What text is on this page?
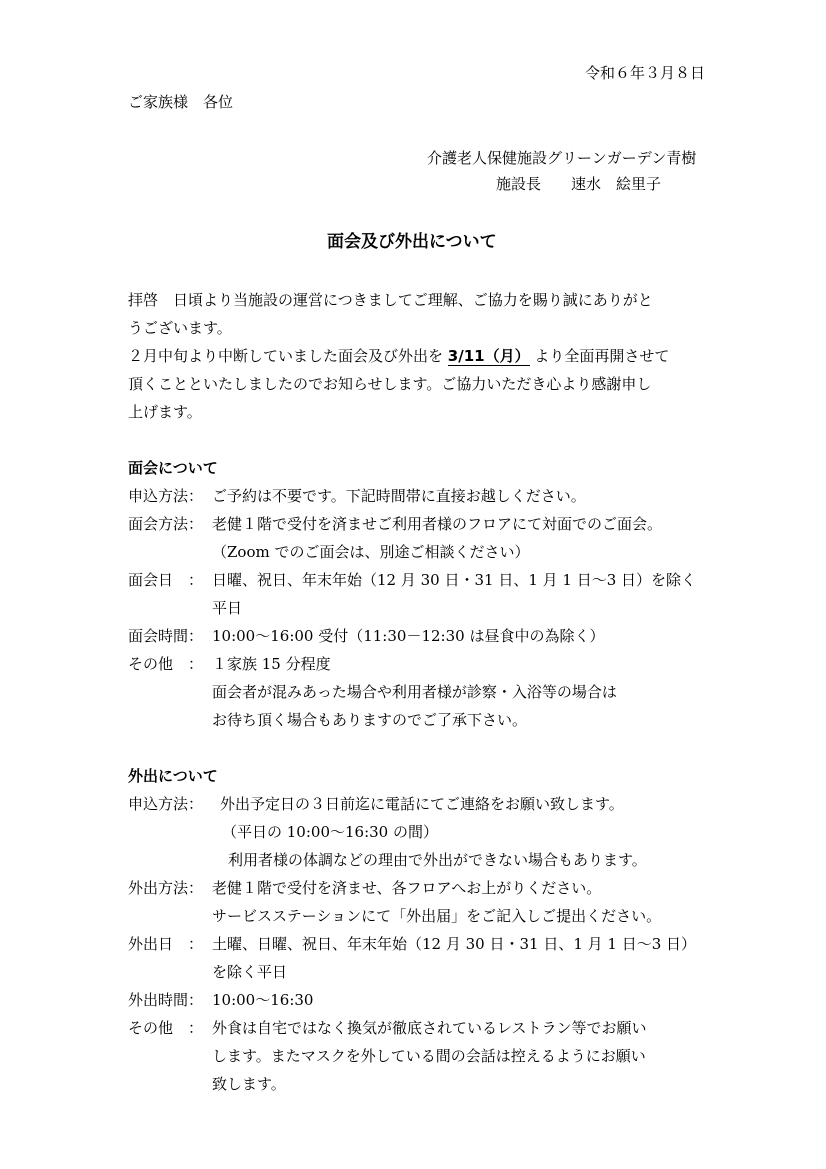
令和６年３月８日
ご家族様　各位
介護老人保健施設グリーンガーデン青樹
施設長　　速水　絵里子
面会及び外出について
拝啓　日頃より当施設の運営につきましてご理解、ご協力を賜り誠にありがと
うございます。
２月中旬より中断していました面会及び外出を 3/11（月） より全面再開させて
頂くことといたしましたのでお知らせします。ご協力いただき心より感謝申し
上げます。
面会について
申込方法： ご予約は不要です。下記時間帯に直接お越しください。
面会方法： 老健１階で受付を済ませご利用者様のフロアにて対面でのご面会。
（Zoom でのご面会は、別途ご相談ください）
面会日　： 日曜、祝日、年末年始（12 月 30 日・31 日、1 月 1 日〜3 日）を除く
平日
面会時間： 10:00〜16:00 受付（11:30－12:30 は昼食中の為除く）
その他　： １家族 15 分程度
面会者が混みあった場合や利用者様が診察・入浴等の場合は
お待ち頂く場合もありますのでご了承下さい。
外出について
申込方法： 外出予定日の３日前迄に電話にてご連絡をお願い致します。
（平日の 10:00〜16:30 の間）
利用者様の体調などの理由で外出ができない場合もあります。
外出方法： 老健１階で受付を済ませ、各フロアへお上がりください。
サービスステーションにて「外出届」をご記入しご提出ください。
外出日　： 土曜、日曜、祝日、年末年始（12 月 30 日・31 日、1 月 1 日〜3 日）
を除く平日
外出時間： 10:00〜16:30
その他　： 外食は自宅ではなく換気が徹底されているレストラン等でお願い
します。またマスクを外している間の会話は控えるようにお願い
致します。
